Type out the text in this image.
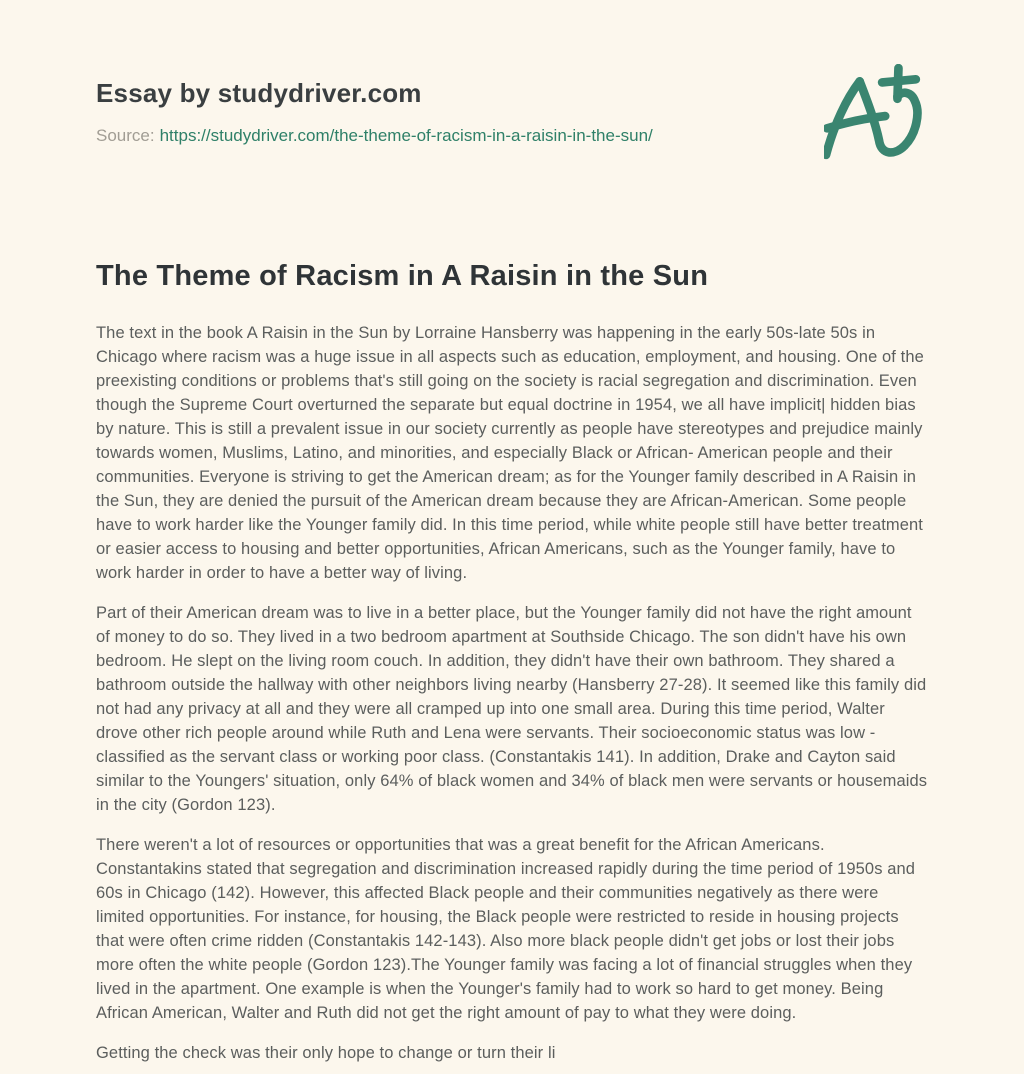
Essay by studydriver.com
Source: https://studydriver.com/the-theme-of-racism-in-a-raisin-in-the-sun/
The Theme of Racism in A Raisin in the Sun

The text in the book A Raisin in the Sun by Lorraine Hansberry was happening in the early 50s-late 50s in Chicago where racism was a huge issue in all aspects such as education, employment, and housing. One of the preexisting conditions or problems that's still going on the society is racial segregation and discrimination. Even though the Supreme Court overturned the separate but equal doctrine in 1954, we all have implicit| hidden bias by nature. This is still a prevalent issue in our society currently as people have stereotypes and prejudice mainly towards women, Muslims, Latino, and minorities, and especially Black or African- American people and their communities. Everyone is striving to get the American dream; as for the Younger family described in A Raisin in the Sun, they are denied the pursuit of the American dream because they are African-American. Some people have to work harder like the Younger family did. In this time period, while white people still have better treatment or easier access to housing and better opportunities, African Americans, such as the Younger family, have to work harder in order to have a better way of living.

Part of their American dream was to live in a better place, but the Younger family did not have the right amount of money to do so. They lived in a two bedroom apartment at Southside Chicago. The son didn't have his own bedroom. He slept on the living room couch. In addition, they didn't have their own bathroom. They shared a bathroom outside the hallway with other neighbors living nearby (Hansberry 27-28). It seemed like this family did not had any privacy at all and they were all cramped up into one small area. During this time period, Walter drove other rich people around while Ruth and Lena were servants. Their socioeconomic status was low - classified as the servant class or working poor class. (Constantakis 141). In addition, Drake and Cayton said similar to the Youngers' situation, only 64% of black women and 34% of black men were servants or housemaids in the city (Gordon 123).

There weren't a lot of resources or opportunities that was a great benefit for the African Americans. Constantakins stated that segregation and discrimination increased rapidly during the time period of 1950s and 60s in Chicago (142). However, this affected Black people and their communities negatively as there were limited opportunities. For instance, for housing, the Black people were restricted to reside in housing projects that were often crime ridden (Constantakis 142-143). Also more black people didn't get jobs or lost their jobs more often the white people (Gordon 123).The Younger family was facing a lot of financial struggles when they lived in the apartment. One example is when the Younger's family had to work so hard to get money. Being African American, Walter and Ruth did not get the right amount of pay to what they were doing.

Getting the check was their only hope to change or turn their li
